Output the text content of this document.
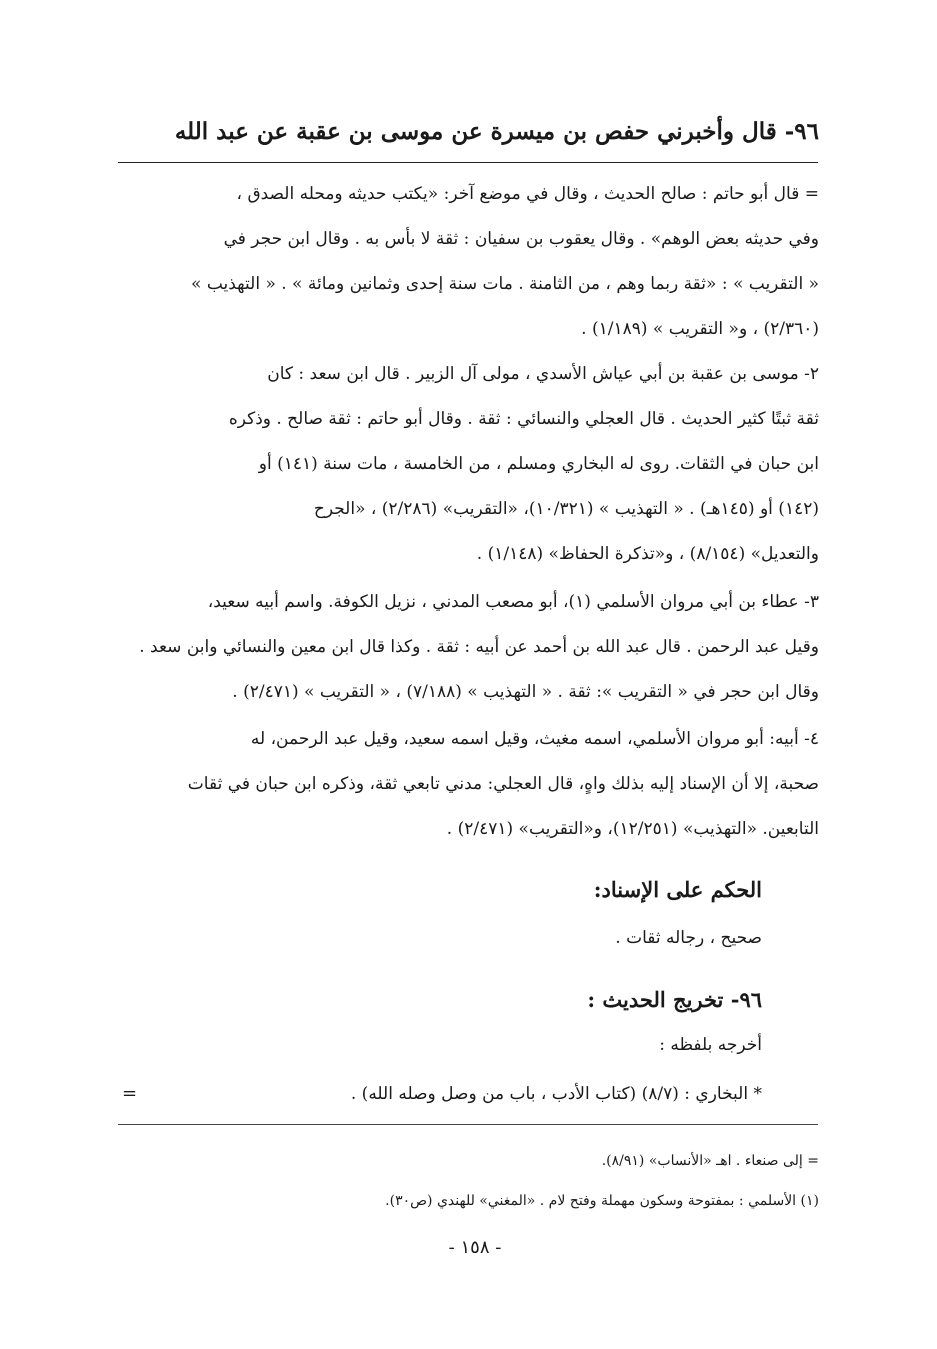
٩٦- قال وأخبرني حفص بن ميسرة عن موسى بن عقبة عن عبد الله
= قال أبو حاتم : صالح الحديث ، وقال في موضع آخر: «يكتب حديثه ومحله الصدق ،
وفي حديثه بعض الوهم» . وقال يعقوب بن سفيان : ثقة لا بأس به . وقال ابن حجر في
« التقريب » : «ثقة ربما وهم ، من الثامنة . مات سنة إحدى وثمانين ومائة » . « التهذيب »
(٢/٣٦٠) ، و« التقريب » (١/١٨٩) .
٢- موسى بن عقبة بن أبي عياش الأسدي ، مولى آل الزبير . قال ابن سعد : كان
ثقة ثبتًا كثير الحديث . قال العجلي والنسائي : ثقة . وقال أبو حاتم : ثقة صالح . وذكره
ابن حبان في الثقات. روى له البخاري ومسلم ، من الخامسة ، مات سنة (١٤١) أو
(١٤٢) أو (١٤٥هـ) . « التهذيب » (١٠/٣٢١)، «التقريب» (٢/٢٨٦) ، «الجرح
والتعديل» (٨/١٥٤) ، و«تذكرة الحفاظ» (١/١٤٨) .
٣- عطاء بن أبي مروان الأسلمي (١)، أبو مصعب المدني ، نزيل الكوفة. واسم أبيه سعيد،
وقيل عبد الرحمن . قال عبد الله بن أحمد عن أبيه : ثقة . وكذا قال ابن معين والنسائي وابن سعد .
وقال ابن حجر في « التقريب »: ثقة . « التهذيب » (٧/١٨٨) ، « التقريب » (٢/٤٧١) .
٤- أبيه: أبو مروان الأسلمي، اسمه مغيث، وقيل اسمه سعيد، وقيل عبد الرحمن، له
صحبة، إلا أن الإسناد إليه بذلك واهٍ، قال العجلي: مدني تابعي ثقة، وذكره ابن حبان في ثقات
التابعين. «التهذيب» (١٢/٢٥١)، و«التقريب» (٢/٤٧١) .
الحكم على الإسناد:
صحيح ، رجاله ثقات .
٩٦- تخريج الحديث :
أخرجه بلفظه :
* البخاري : (٨/٧) (كتاب الأدب ، باب من وصل وصله الله) .
=
= إلى صنعاء . اهـ «الأنساب» (٨/٩١).
(١) الأسلمي : بمفتوحة وسكون مهملة وفتح لام . «المغني» للهندي (ص٣٠).
- ١٥٨ -
